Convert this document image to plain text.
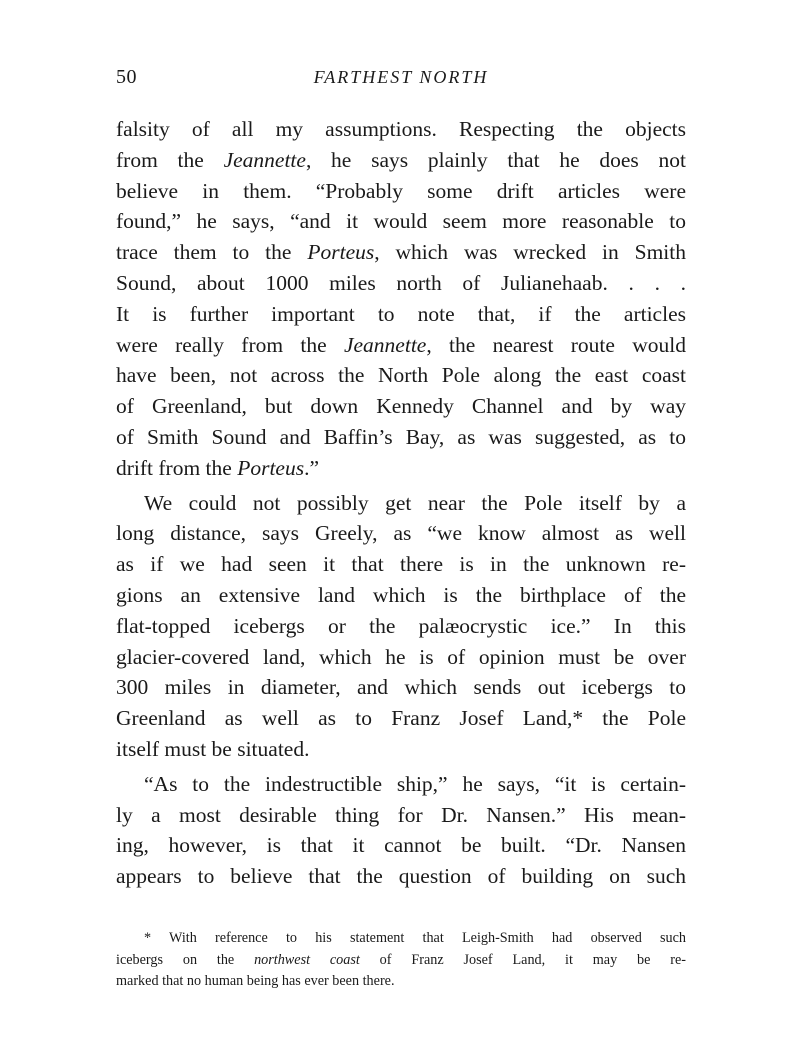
50	FARTHEST NORTH
falsity of all my assumptions. Respecting the objects
from the Jeannette, he says plainly that he does not
believe in them. “Probably some drift articles were
found,” he says, “and it would seem more reasonable to
trace them to the Porteus, which was wrecked in Smith
Sound, about 1000 miles north of Julianehaab. . . .
It is further important to note that, if the articles
were really from the Jeannette, the nearest route would
have been, not across the North Pole along the east coast
of Greenland, but down Kennedy Channel and by way
of Smith Sound and Baffin’s Bay, as was suggested, as to
drift from the Porteus.”
We could not possibly get near the Pole itself by a
long distance, says Greely, as “we know almost as well
as if we had seen it that there is in the unknown re-
gions an extensive land which is the birthplace of the
flat-topped icebergs or the palæocrystic ice.” In this
glacier-covered land, which he is of opinion must be over
300 miles in diameter, and which sends out icebergs to
Greenland as well as to Franz Josef Land,* the Pole
itself must be situated.
“As to the indestructible ship,” he says, “it is certain-
ly a most desirable thing for Dr. Nansen.” His mean-
ing, however, is that it cannot be built. “Dr. Nansen
appears to believe that the question of building on such
* With reference to his statement that Leigh-Smith had observed such
icebergs on the northwest coast of Franz Josef Land, it may be re-
marked that no human being has ever been there.
